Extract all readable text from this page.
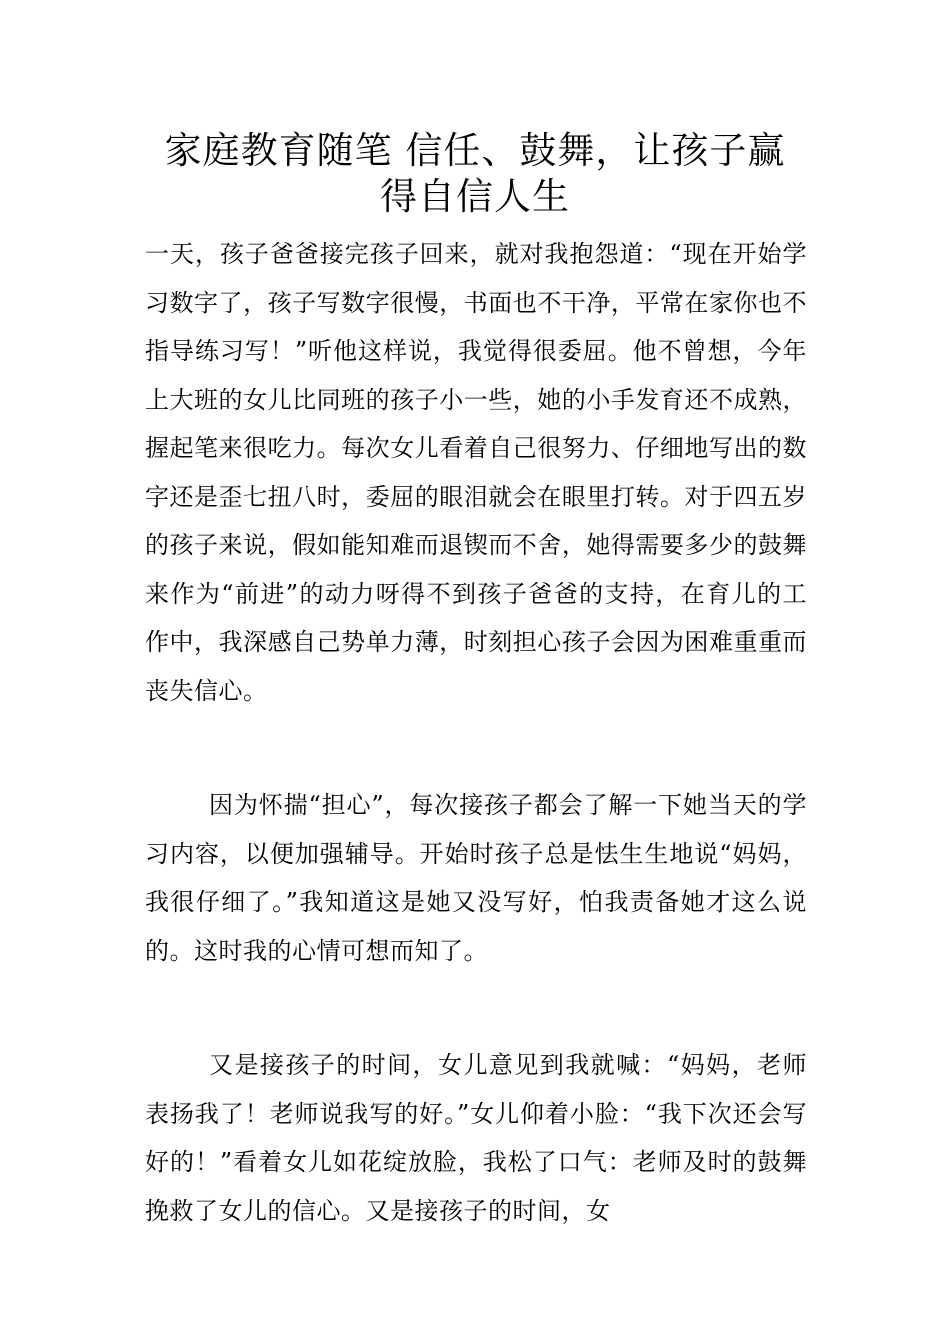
家庭教育随笔 信任、鼓舞，让孩子赢
得自信人生

一天，孩子爸爸接完孩子回来，就对我抱怨道：“现在开始学习数字了，孩子写数字很慢，书面也不干净，平常在家你也不指导练习写！”听他这样说，我觉得很委屈。他不曾想，今年上大班的女儿比同班的孩子小一些，她的小手发育还不成熟，握起笔来很吃力。每次女儿看着自己很努力、仔细地写出的数字还是歪七扭八时，委屈的眼泪就会在眼里打转。对于四五岁的孩子来说，假如能知难而退锲而不舍，她得需要多少的鼓舞来作为“前进”的动力呀得不到孩子爸爸的支持，在育儿的工作中，我深感自己势单力薄，时刻担心孩子会因为困难重重而丧失信心。

因为怀揣“担心”，每次接孩子都会了解一下她当天的学习内容，以便加强辅导。开始时孩子总是怯生生地说“妈妈，我很仔细了。”我知道这是她又没写好，怕我责备她才这么说的。这时我的心情可想而知了。

又是接孩子的时间，女儿意见到我就喊：“妈妈，老师表扬我了！老师说我写的好。”女儿仰着小脸：“我下次还会写好的！”看着女儿如花绽放脸，我松了口气：老师及时的鼓舞挽救了女儿的信心。又是接孩子的时间，女
